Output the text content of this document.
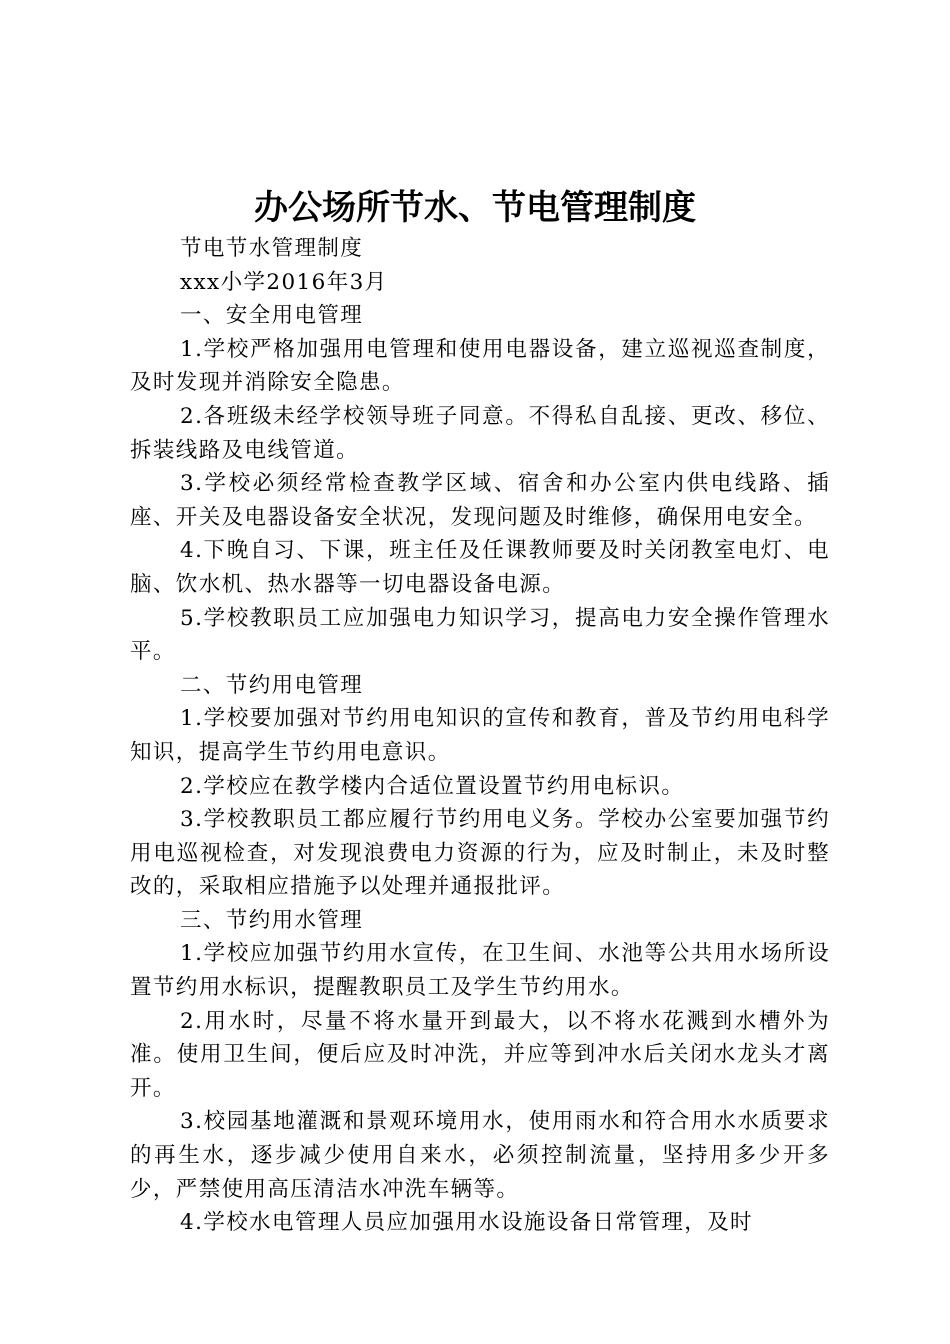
办公场所节水、节电管理制度

节电节水管理制度

xxx小学2016年3月

一、安全用电管理

1.学校严格加强用电管理和使用电器设备，建立巡视巡查制度，及时发现并消除安全隐患。

2.各班级未经学校领导班子同意。不得私自乱接、更改、移位、拆装线路及电线管道。

3.学校必须经常检查教学区域、宿舍和办公室内供电线路、插座、开关及电器设备安全状况，发现问题及时维修，确保用电安全。

4.下晚自习、下课，班主任及任课教师要及时关闭教室电灯、电脑、饮水机、热水器等一切电器设备电源。

5.学校教职员工应加强电力知识学习，提高电力安全操作管理水平。

二、节约用电管理

1.学校要加强对节约用电知识的宣传和教育，普及节约用电科学知识，提高学生节约用电意识。

2.学校应在教学楼内合适位置设置节约用电标识。

3.学校教职员工都应履行节约用电义务。学校办公室要加强节约用电巡视检查，对发现浪费电力资源的行为，应及时制止，未及时整改的，采取相应措施予以处理并通报批评。

三、节约用水管理

1.学校应加强节约用水宣传，在卫生间、水池等公共用水场所设置节约用水标识，提醒教职员工及学生节约用水。

2.用水时，尽量不将水量开到最大，以不将水花溅到水槽外为准。使用卫生间，便后应及时冲洗，并应等到冲水后关闭水龙头才离开。

3.校园基地灌溉和景观环境用水，使用雨水和符合用水水质要求的再生水，逐步减少使用自来水，必须控制流量，坚持用多少开多少，严禁使用高压清洁水冲洗车辆等。

4.学校水电管理人员应加强用水设施设备日常管理，及时
